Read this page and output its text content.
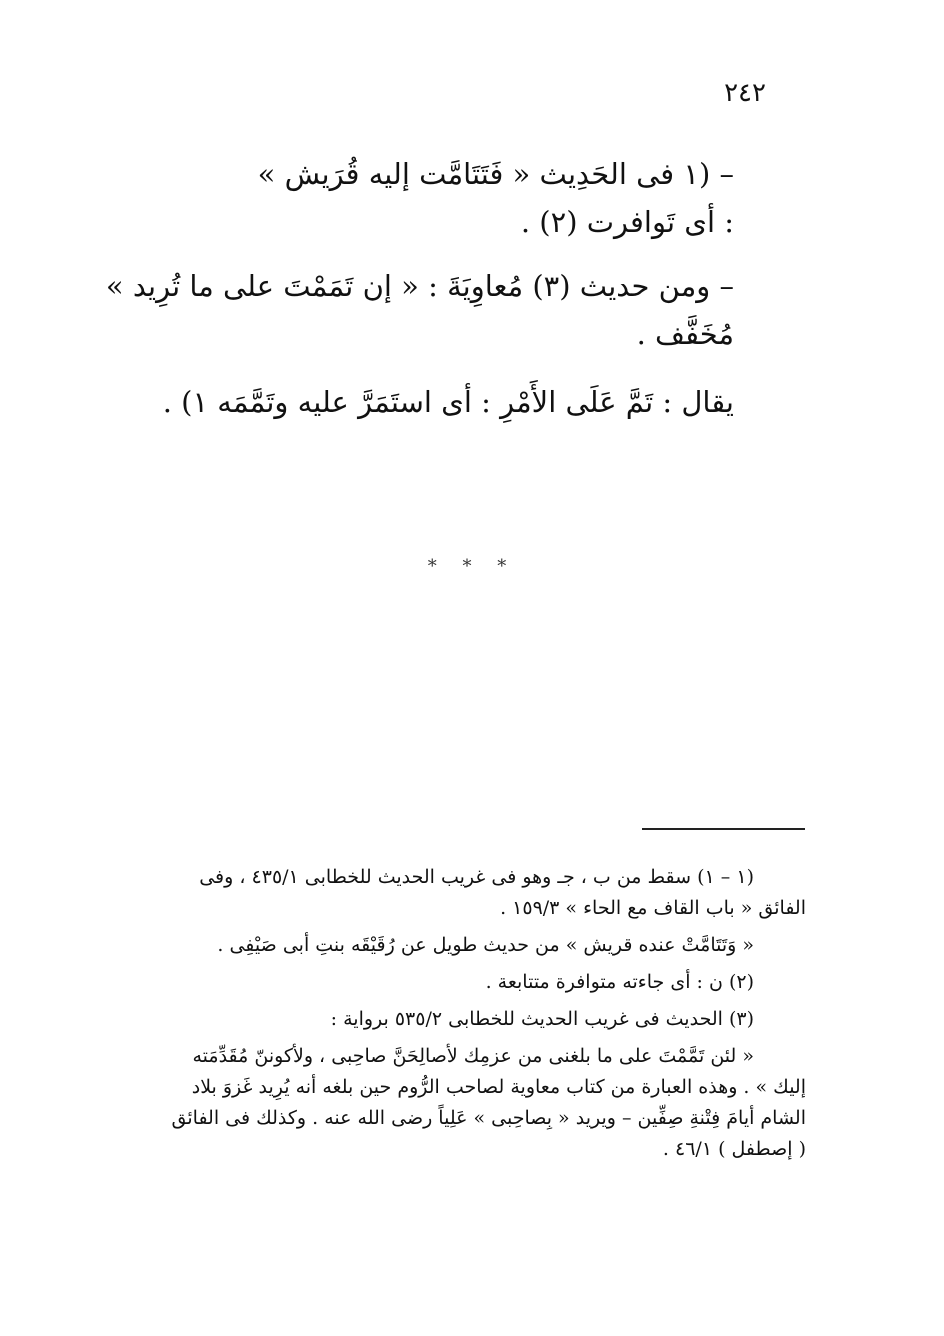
٢٤٢

– (١ فى الحَدِيث « فَتَتَامَّت إليه قُرَيش »

: أى تَوافرت (٢) .

– ومن حديث (٣) مُعاوِيَةَ : « إن تَمَمْتَ على ما تُرِيد »

مُخَفَّف .

يقال : تَمَّ عَلَى الأَمْرِ : أى استَمَرَّ عليه وتَمَّمَه ١) .

* * *

(١ – ١) سقط من ب ، جـ وهو فى غريب الحديث للخطابى ٤٣٥/١ ، وفى

الفائق « باب القاف مع الحاء » ١٥٩/٣ .

« وَتَتَامَّتْ عنده قريش » من حديث طويل عن رُقَيْقَه بنتِ أبى صَيْفِى .

(٢) ن : أى جاءته متوافرة متتابعة .

(٣) الحديث فى غريب الحديث للخطابى ٥٣٥/٢ برواية :

« لئن تَمَّمْتَ على ما بلغنى من عزمِك لأصالِحَنَّ صاحِبى ، ولأكوننّ مُقَدِّمَته

إليك » . وهذه العبارة من كتاب معاوية لصاحب الرُّوم حين بلغه أنه يُرِيد غَزوَ بلاد

الشام أيامَ فِتْنةِ صِفِّين – ويريد « بِصاحِبى » عَلِياً رضى الله عنه . وكذلك فى الفائق

( إصطفل ) ٤٦/١ .
